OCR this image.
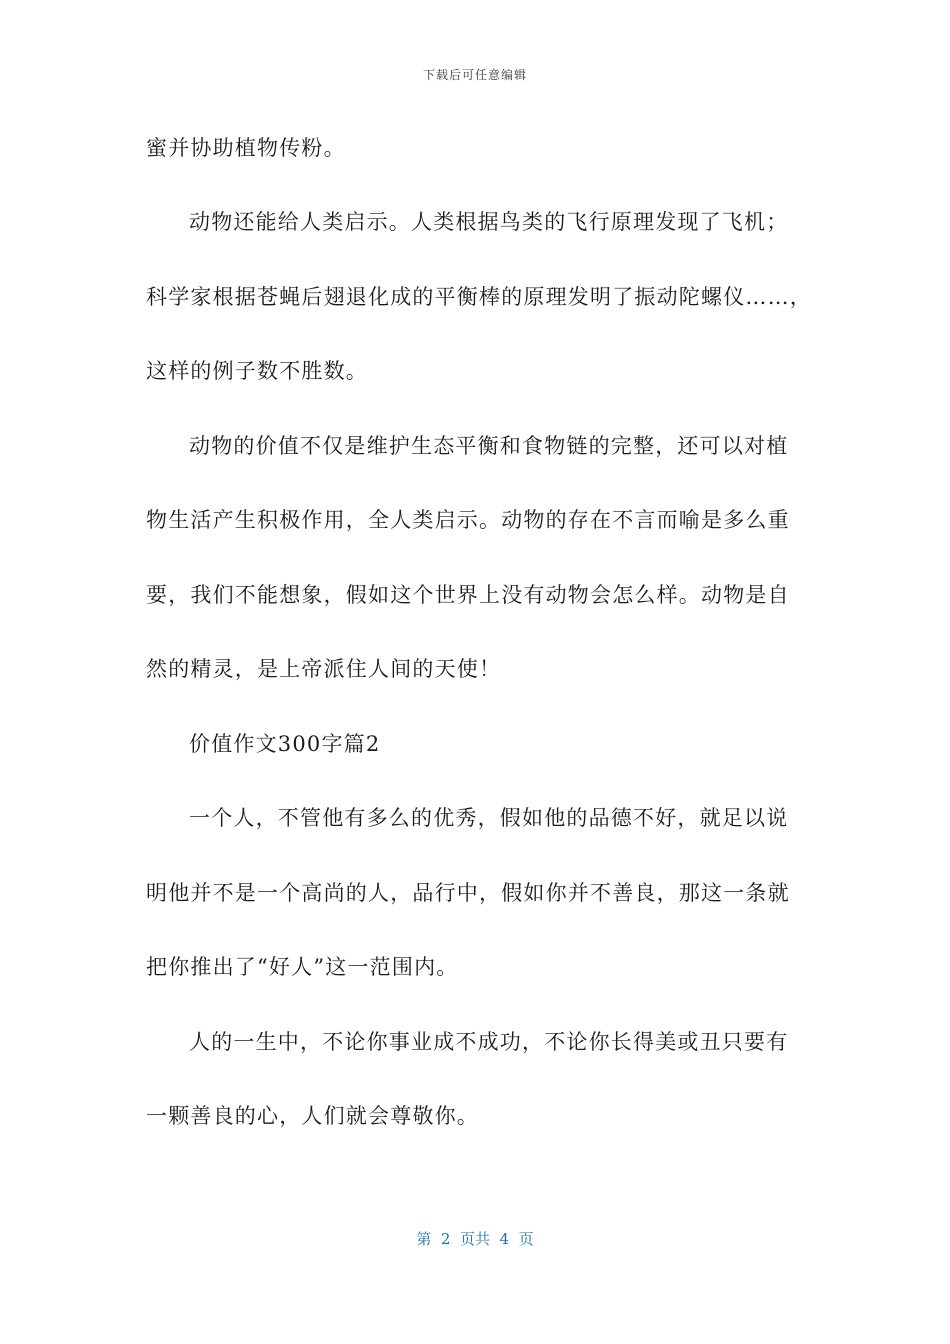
下载后可任意编辑
蜜并协助植物传粉。
动物还能给人类启示。人类根据鸟类的飞行原理发现了飞机；
科学家根据苍蝇后翅退化成的平衡棒的原理发明了振动陀螺仪……，
这样的例子数不胜数。
动物的价值不仅是维护生态平衡和食物链的完整，还可以对植
物生活产生积极作用，全人类启示。动物的存在不言而喻是多么重
要，我们不能想象，假如这个世界上没有动物会怎么样。动物是自
然的精灵，是上帝派住人间的天使！
价值作文300字篇2
一个人，不管他有多么的优秀，假如他的品德不好，就足以说
明他并不是一个高尚的人，品行中，假如你并不善良，那这一条就
把你推出了“好人”这一范围内。
人的一生中，不论你事业成不成功，不论你长得美或丑只要有
一颗善良的心，人们就会尊敬你。
第  2  页共  4  页
